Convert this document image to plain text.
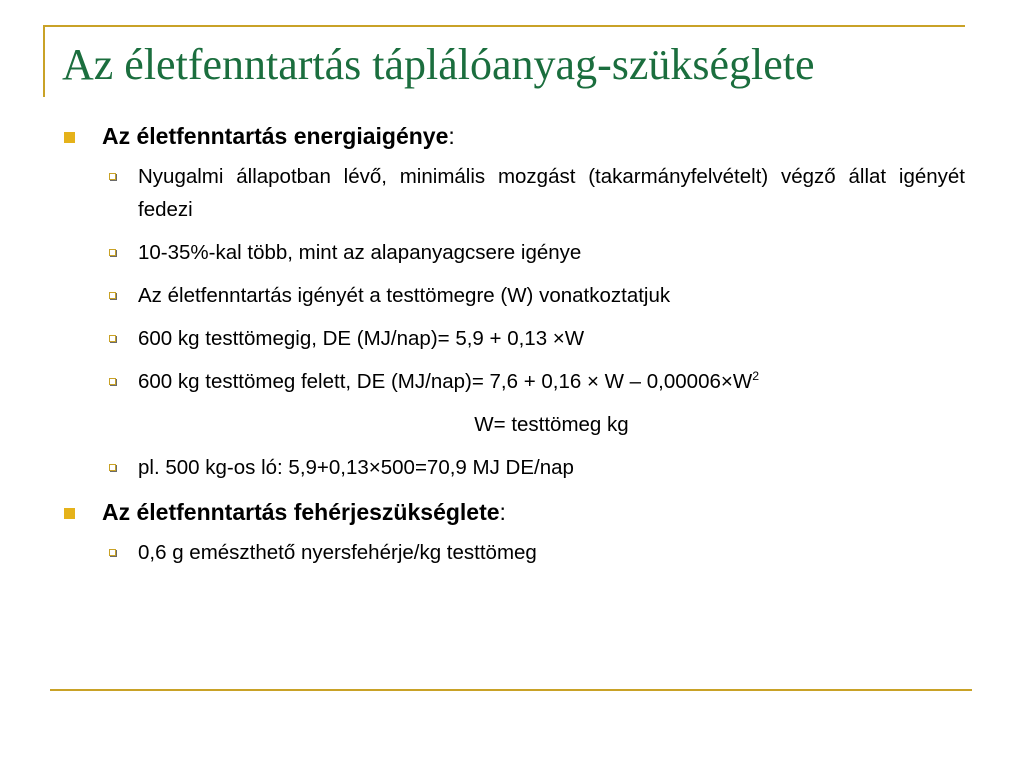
Az életfenntartás táplálóanyag-szükséglete
Az életfenntartás energiaigénye:
Nyugalmi állapotban lévő, minimális mozgást (takarmányfelvételt) végző állat igényét fedezi
10-35%-kal több, mint az alapanyagcsere igénye
Az életfenntartás igényét a testtömegre (W) vonatkoztatjuk
600 kg testtömegig, DE (MJ/nap)= 5,9 + 0,13 ×W
600 kg testtömeg felett, DE $(MJ/nap)= 7,6 + 0,16 \times W - 0,00006\times W^2$
W= testtömeg kg
pl. 500 kg-os ló: 5,9+0,13×500=70,9 MJ DE/nap
Az életfenntartás fehérjeszükséglete:
0,6 g emészthető nyersfehérje/kg testtömeg
